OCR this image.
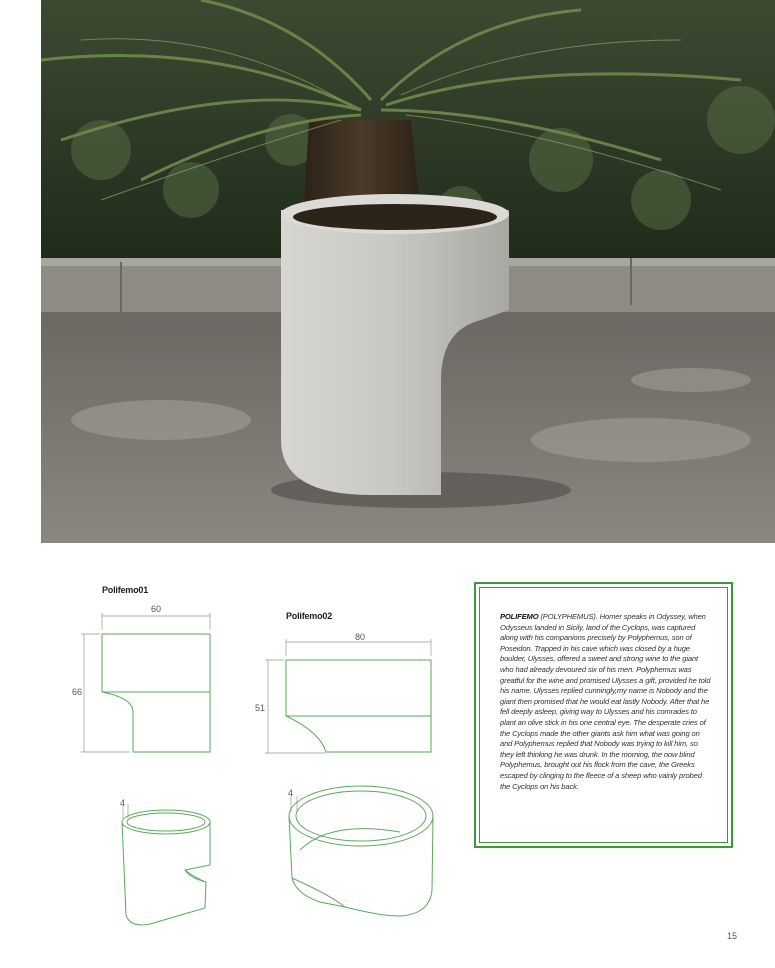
Polifemo01
Polifemo02
60
66
80
51
4
4

POLIFEMO (POLYPHEMUS). Homer speaks in Odyssey, when Odysseus landed in Sicily, land of the Cyclops, was captured along with his companions precisely by Polyphemus, son of Poseidon. Trapped in his cave which was closed by a huge boulder, Ulysses, offered a sweet and strong wine to the giant who had already devoured six of his men. Polyphemus was greatful for the wine and promised Ulysses a gift, provided he told his name. Ulysses replied cunningly,my name is Nobody and the giant then promised that he would eat lastly Nobody. After that he fell deeply asleep, giving way to Ulysses and his comrades to plant an olive stick in his one central eye. The desperate cries of the Cyclops made the other giants ask him what was going on and Polyphemus replied that Nobody was trying to kill him, so they left thinking he was drunk. In the morning, the now blind Polyphemus, brought out his flock from the cave, the Greeks escaped by clinging to the fleece of a sheep who vainly probed the Cyclops on his back.

15
